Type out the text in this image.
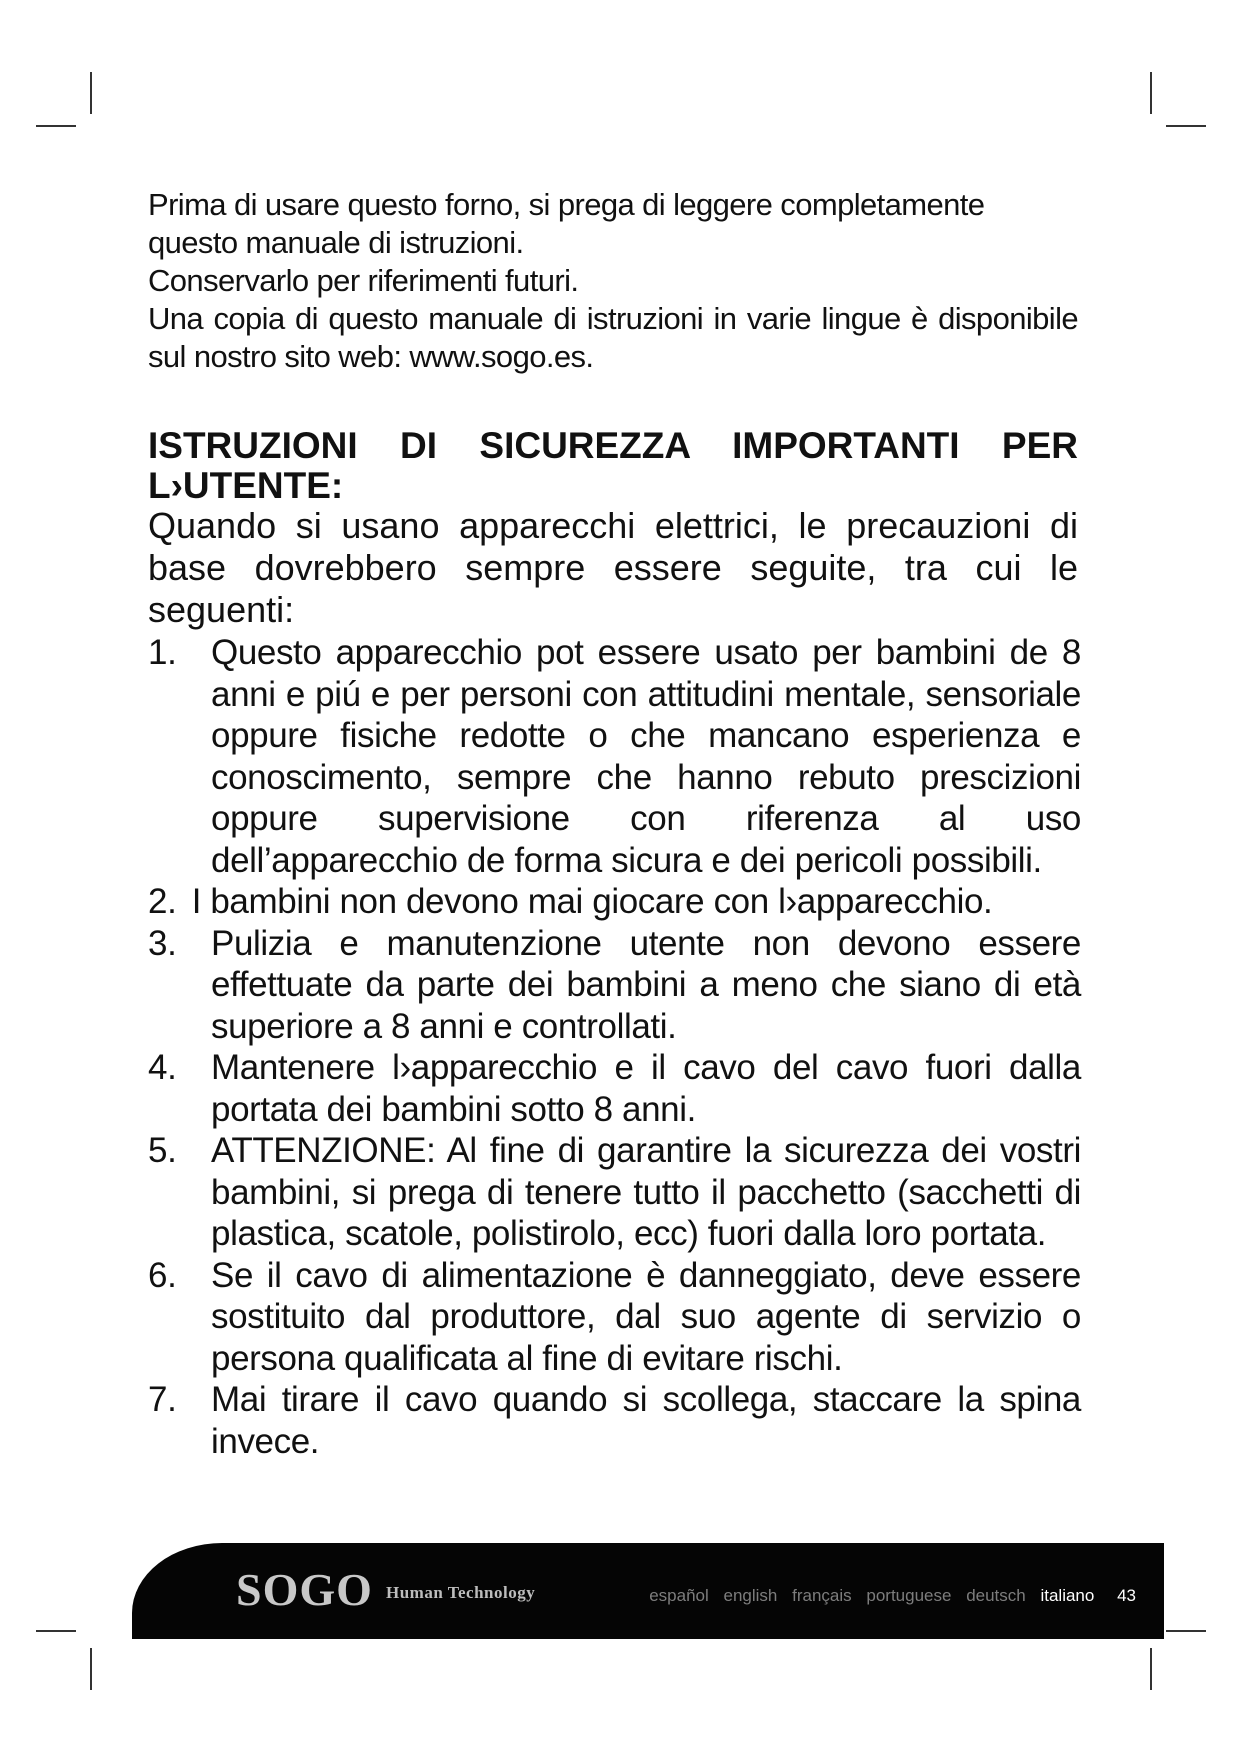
Prima di usare questo forno, si prega di leggere completamente questo manuale di istruzioni.

Conservarlo per riferimenti futuri.

Una copia di questo manuale di istruzioni in varie lingue è disponibile sul nostro sito web: www.sogo.es.

ISTRUZIONI DI SICUREZZA IMPORTANTI PER
L›UTENTE:

Quando si usano apparecchi elettrici, le precauzioni di base dovrebbero sempre essere seguite, tra cui le seguenti:

1. Questo apparecchio pot essere usato per bambini de 8 anni e piú e per personi con attitudini mentale, sensoriale oppure fisiche redotte o che mancano esperienza e conoscimento, sempre che hanno rebuto prescizioni oppure supervisione con riferenza al uso dell’apparecchio de forma sicura e dei pericoli possibili.
2. I bambini non devono mai giocare con l›apparecchio.
3. Pulizia e manutenzione utente non devono essere effettuate da parte dei bambini a meno che siano di età superiore a 8 anni e controllati.
4. Mantenere l›apparecchio e il cavo del cavo fuori dalla portata dei bambini sotto 8 anni.
5. ATTENZIONE: Al fine di garantire la sicurezza dei vostri bambini, si prega di tenere tutto il pacchetto (sacchetti di plastica, scatole, polistirolo, ecc) fuori dalla loro portata.
6. Se il cavo di alimentazione è danneggiato, deve essere sostituito dal produttore, dal suo agente di servizio o persona qualificata al fine di evitare rischi.
7. Mai tirare il cavo quando si scollega, staccare la spina invece.
SOGO Human Technology	español english français portuguese deutsch italiano 43
